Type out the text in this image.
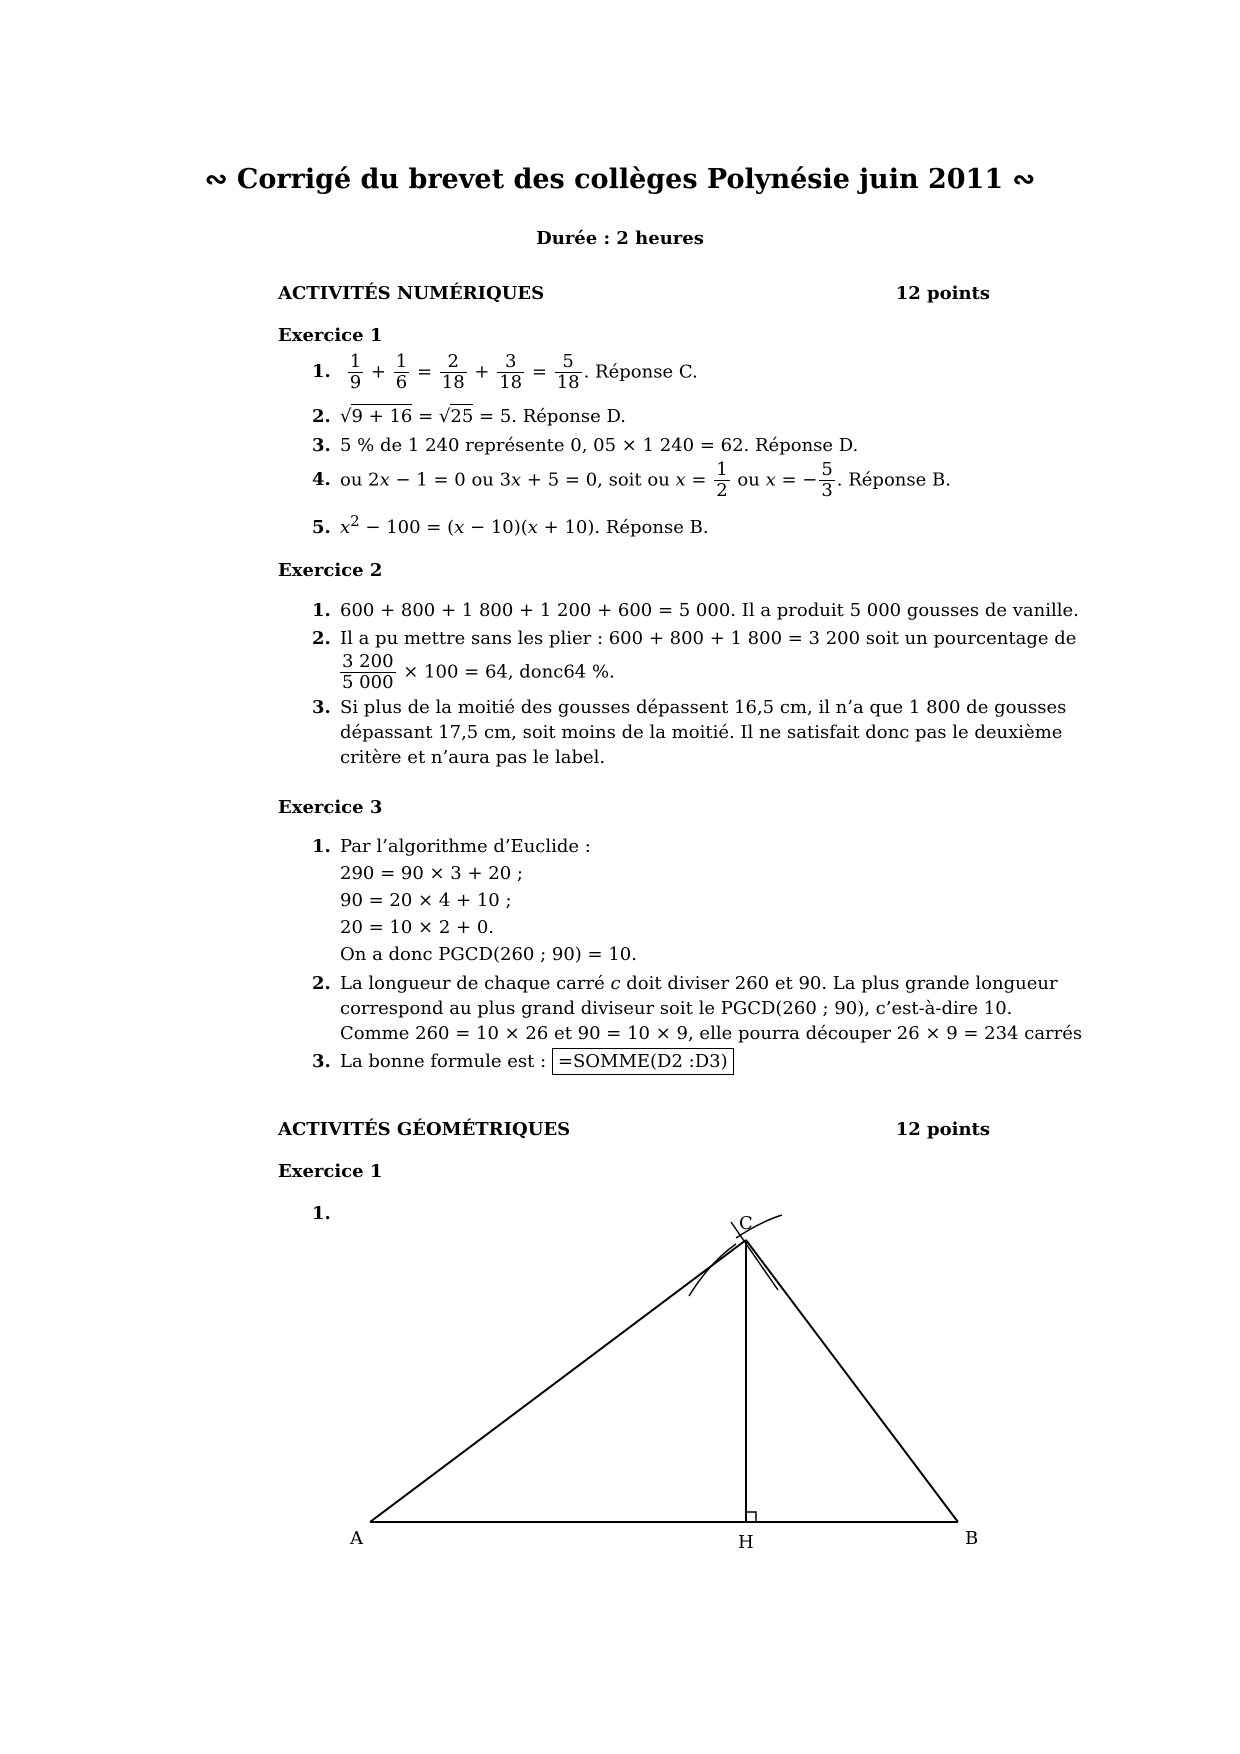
∾ Corrigé du brevet des collèges Polynésie juin 2011 ∾
Durée : 2 heures
ACTIVITÉS NUMÉRIQUES	12 points
Exercice 1
1. $\frac{1}{9} + \frac{1}{6} = \frac{2}{18} + \frac{3}{18} = \frac{5}{18}$ . Réponse C.
2. √9 + 16 = √25 = 5. Réponse D.
3. 5 % de 1 240 représente 0, 05 × 1 240 = 62. Réponse D.
4. ou 2x − 1 = 0 ou 3x + 5 = 0, soit ou $x = \frac{1}{2}$ ou x = − $\frac{5}{3}$ . Réponse B.
5. $x^2 - 100 = (x - 10)(x + 10)$. Réponse B.
Exercice 2
1. 600 + 800 + 1 800 + 1 200 + 600 = 5 000. Il a produit 5 000 gousses de vanille.
2. Il a pu mettre sans les plier : 600 + 800 + 1 800 = 3 200 soit un pourcentage de
$\frac{3 200}{5 000} \times 100 = 64$, donc64 %.
3. Si plus de la moitié des gousses dépassent 16,5 cm, il n’a que 1 800 de gousses
dépassant 17,5 cm, soit moins de la moitié. Il ne satisfait donc pas le deuxième
critère et n’aura pas le label.
Exercice 3
1. Par l’algorithme d’Euclide :
290 = 90 × 3 + 20 ;
90 = 20 × 4 + 10 ;
20 = 10 × 2 + 0.
On a donc PGCD(260 ; 90) = 10.
2. La longueur de chaque carré c doit diviser 260 et 90. La plus grande longueur
correspond au plus grand diviseur soit le PGCD(260 ; 90), c’est-à-dire 10.
Comme 260 = 10 × 26 et 90 = 10 × 9, elle pourra découper 26 × 9 = 234 carrés
3. La bonne formule est : =SOMME(D2 :D3)
ACTIVITÉS GÉOMÉTRIQUES	12 points
Exercice 1
1.
A	B
C
H
